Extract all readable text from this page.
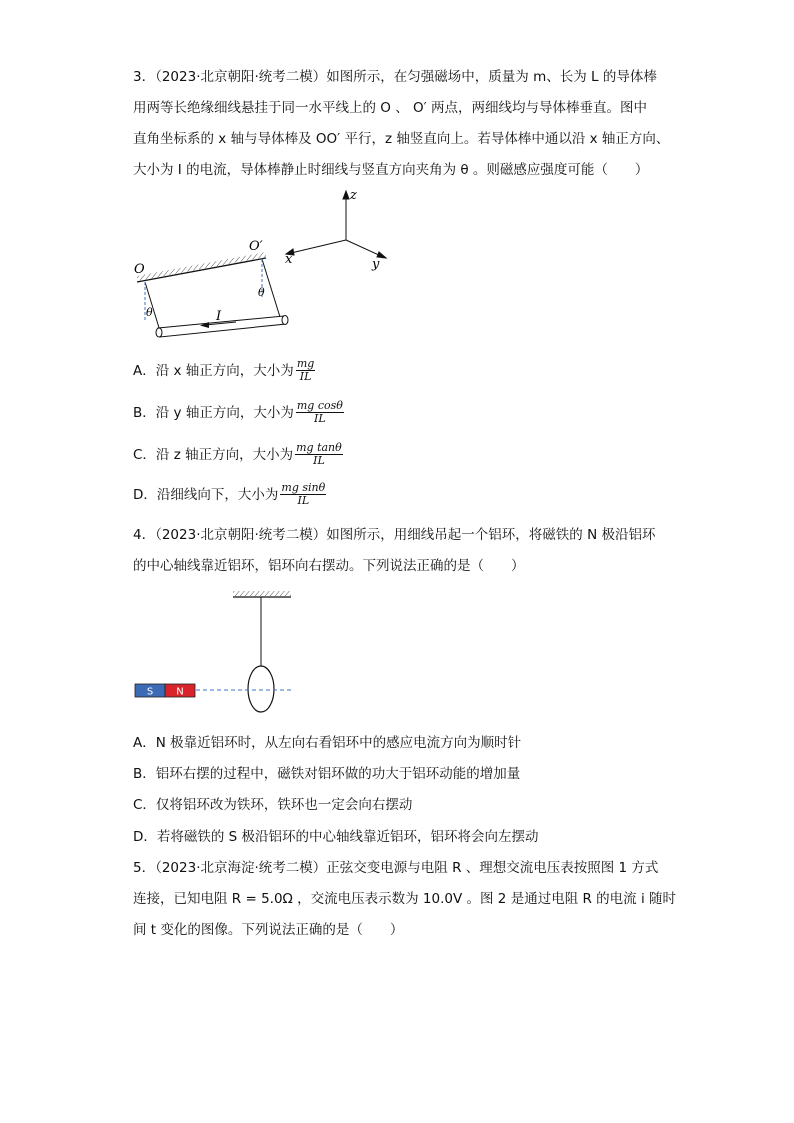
3．（2023·北京朝阳·统考二模）如图所示，在匀强磁场中，质量为 m、长为 L 的导体棒
用两等长绝缘细线悬挂于同一水平线上的 O 、 O′ 两点，两细线均与导体棒垂直。图中
直角坐标系的 x 轴与导体棒及 OO′ 平行，z 轴竖直向上。若导体棒中通以沿 x 轴正方向、
大小为 I 的电流，导体棒静止时细线与竖直方向夹角为 θ 。则磁感应强度可能（　　）
O
O′
θ
θ
I
z
x	y
A．沿 x 轴正方向，大小为 $\frac{mg}{IL}$
B．沿 y 轴正方向，大小为 $\frac{\text{mg cosθ}}{IL}$
C．沿 z 轴正方向，大小为 $\frac{\text{mg tanθ}}{IL}$
D．沿细线向下，大小为 $\frac{\text{mg sinθ}}{IL}$
4．（2023·北京朝阳·统考二模）如图所示，用细线吊起一个铝环，将磁铁的 N 极沿铝环
的中心轴线靠近铝环，铝环向右摆动。下列说法正确的是（　　）
S N
A．N 极靠近铝环时，从左向右看铝环中的感应电流方向为顺时针
B．铝环右摆的过程中，磁铁对铝环做的功大于铝环动能的增加量
C．仅将铝环改为铁环，铁环也一定会向右摆动
D．若将磁铁的 S 极沿铝环的中心轴线靠近铝环，铝环将会向左摆动
5．（2023·北京海淀·统考二模）正弦交变电源与电阻 R 、理想交流电压表按照图 1 方式
连接，已知电阻 R = 5.0Ω ，交流电压表示数为 10.0V 。图 2 是通过电阻 R 的电流 i 随时
间 t 变化的图像。下列说法正确的是（　　）
